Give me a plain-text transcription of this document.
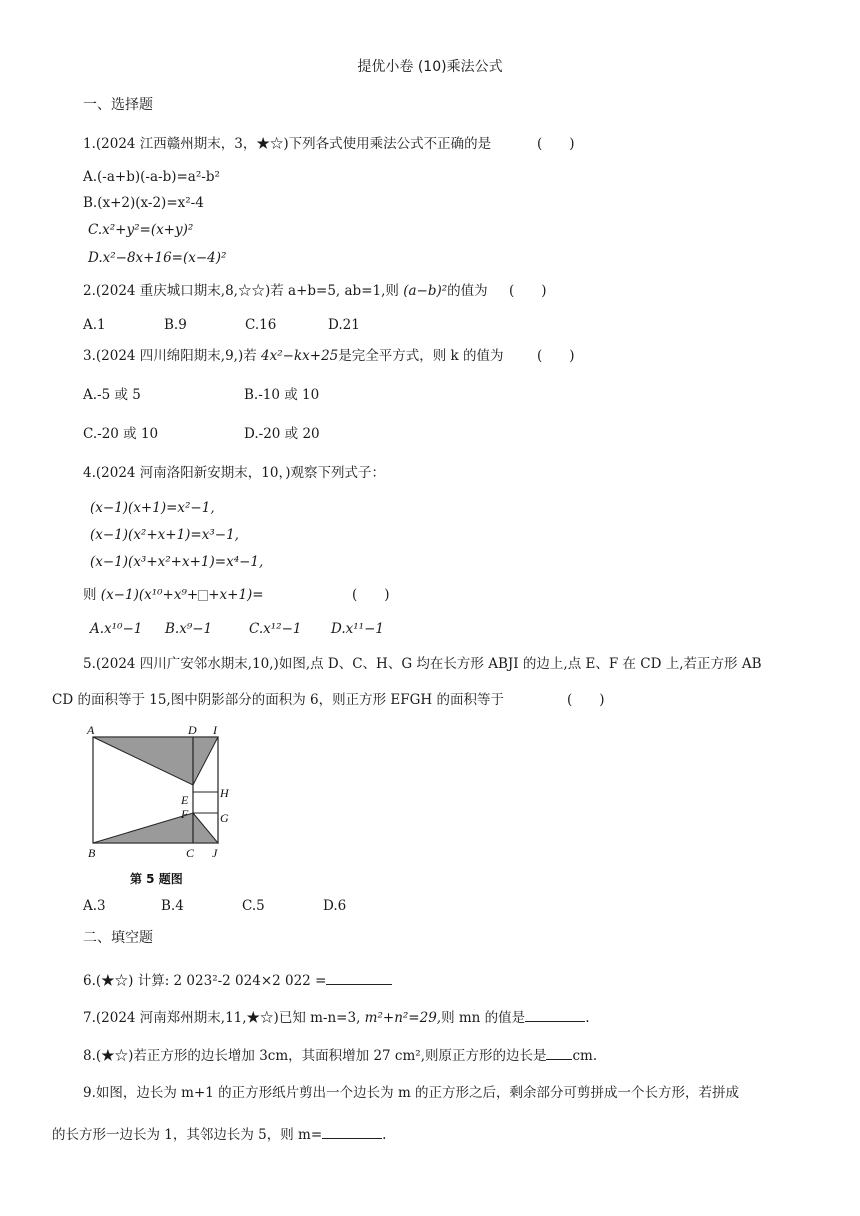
提优小卷 (10)乘法公式
一、选择题
1.(2024 江西赣州期末，3，★☆)下列各式使用乘法公式不正确的是	(　　)
A.(-a+b)(-a-b)=a²-b²
B.(x+2)(x-2)=x²-4
C.x²+y²=(x+y)²
D.x²−8x+16=(x−4)²
2.(2024 重庆城口期末,8,☆☆)若 a+b=5, ab=1,则 (a−b)²的值为 (　　)
A.1	B.9	C.16	D.21
3.(2024 四川绵阳期末,9,)若 4x²−kx+25是完全平方式，则 k 的值为 (　　)
A.-5 或 5	B.-10 或 10
C.-20 或 10	D.-20 或 20
4.(2024 河南洛阳新安期末，10，)观察下列式子：
(x−1)(x+1)=x²−1,
(x−1)(x²+x+1)=x³−1,
(x−1)(x³+x²+x+1)=x⁴−1,
则 (x−1)(x¹⁰+x⁹+ +x+1)=	(　　)
A.x¹⁰−1 B.x⁹−1	C.x¹²−1 D.x¹¹−1
5.(2024 四川广安邻水期末,10,)如图,点 D、C、H、G 均在长方形 ABJI 的边上,点 E、F 在 CD 上,若正方形 AB
CD 的面积等于 15,图中阴影部分的面积为 6，则正方形 EFGH 的面积等于	(　　)
A	D I
H
E
F	G
B	C J
第 5 题图
A.3	B.4	C.5	D.6
二、填空题
6.(★☆) 计算: 2 023²-2 024×2 022 =
7.(2024 河南郑州期末,11,★☆)已知 m-n=3, m²+n²=29,则 mn 的值是	.
8.(★☆)若正方形的边长增加 3cm，其面积增加 27 cm²,则原正方形的边长是 cm.
9.如图，边长为 m+1 的正方形纸片剪出一个边长为 m 的正方形之后，剩余部分可剪拼成一个长方形，若拼成
的长方形一边长为 1，其邻边长为 5，则 m=	.
